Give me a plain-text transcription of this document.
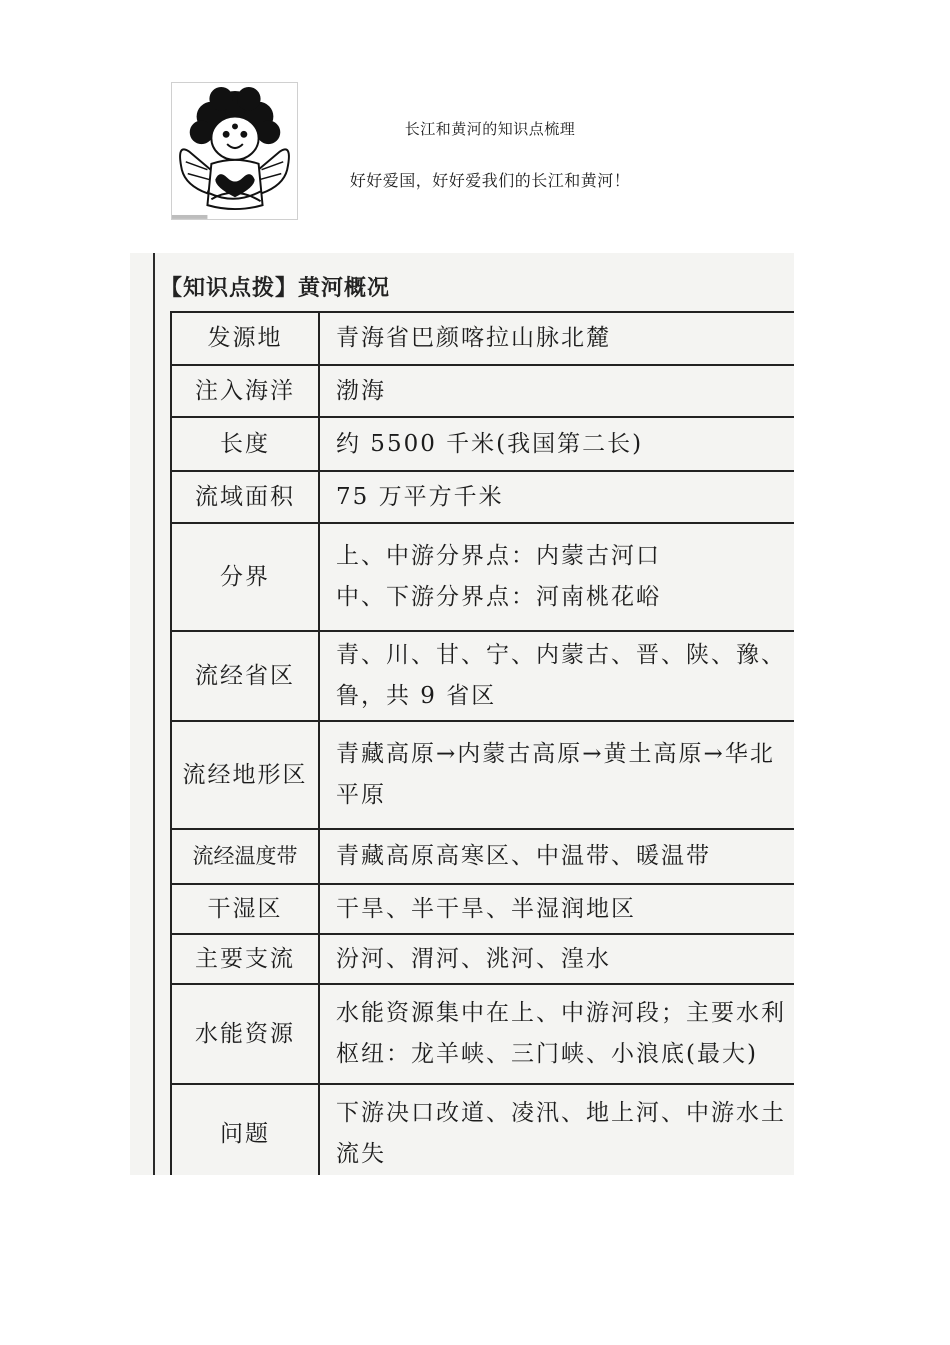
长江和黄河的知识点梳理
好好爱国，好好爱我们的长江和黄河！
【知识点拨】黄河概况
发源地	青海省巴颜喀拉山脉北麓
注入海洋	渤海
长度	约 5500 千米(我国第二长)
流域面积	75 万平方千米
分界	上、中游分界点：内蒙古河口
中、下游分界点：河南桃花峪
流经省区	青、川、甘、宁、内蒙古、晋、陕、豫、鲁，共 9 省区
流经地形区	青藏高原→内蒙古高原→黄土高原→华北平原
流经温度带	青藏高原高寒区、中温带、暖温带
干湿区	干旱、半干旱、半湿润地区
主要支流	汾河、渭河、洮河、湟水
水能资源	水能资源集中在上、中游河段；主要水利枢纽：龙羊峡、三门峡、小浪底(最大)
问题	下游决口改道、凌汛、地上河、中游水土流失
